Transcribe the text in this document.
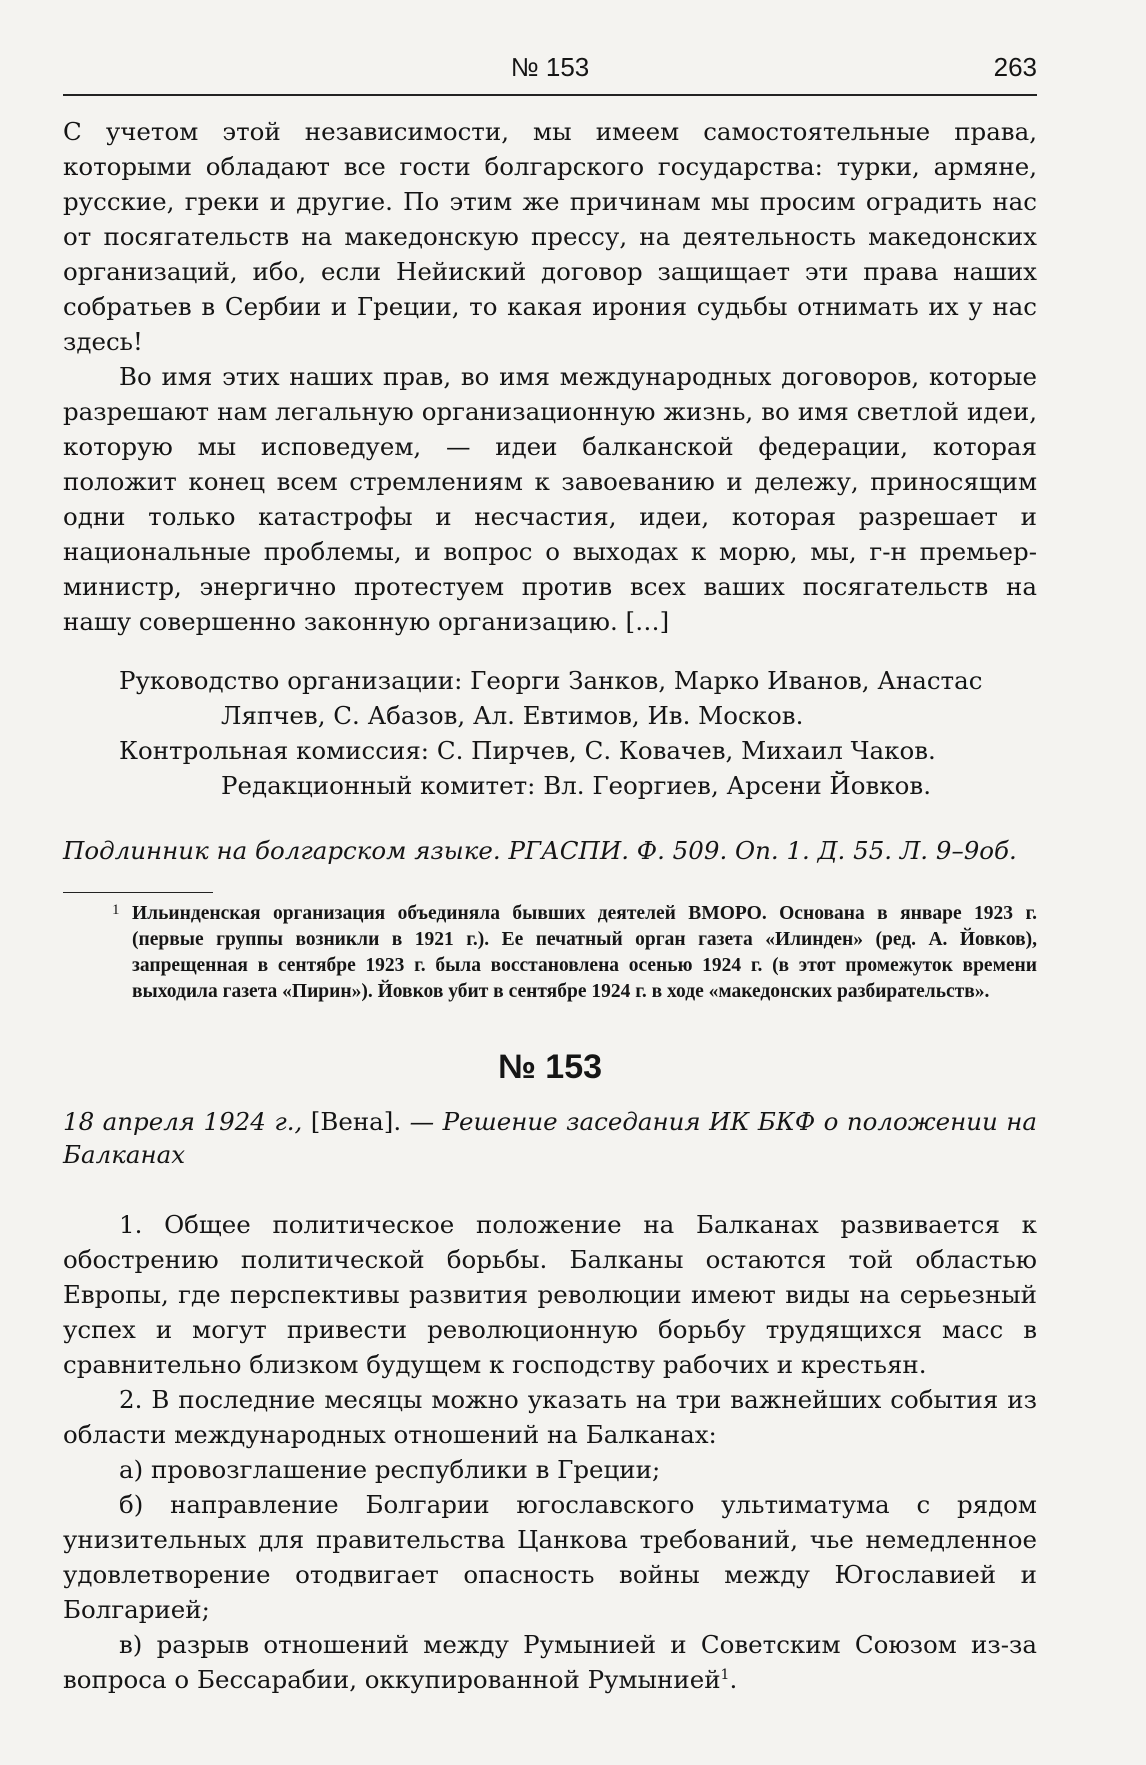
№ 153	263

С учетом этой независимости, мы имеем самостоятельные права, которыми обладают все гости болгарского государства: турки, армяне, русские, греки и другие. По этим же причинам мы просим оградить нас от посягательств на македонскую прессу, на деятельность македонских организаций, ибо, если Нейиский договор защищает эти права наших собратьев в Сербии и Греции, то какая ирония судьбы отнимать их у нас здесь!

Во имя этих наших прав, во имя международных договоров, которые разрешают нам легальную организационную жизнь, во имя светлой идеи, которую мы исповедуем, — идеи балканской федерации, которая положит конец всем стремлениям к завоеванию и дележу, приносящим одни только катастрофы и несчастия, идеи, которая разрешает и национальные проблемы, и вопрос о выходах к морю, мы, г-н премьер-министр, энергично протестуем против всех ваших посягательств на нашу совершенно законную организацию. […]

Руководство организации: Георги Занков, Марко Иванов, Анастас
Ляпчев, С. Абазов, Ал. Евтимов, Ив. Москов.
Контрольная комиссия: С. Пирчев, С. Ковачев, Михаил Чаков.
Редакционный комитет: Вл. Георгиев, Арсени Йовков.
Подлинник на болгарском языке. РГАСПИ. Ф. 509. Оп. 1. Д. 55. Л. 9–9об.
1 Ильинденская организация объединяла бывших деятелей ВМОРО. Основана в январе 1923 г. (первые группы возникли в 1921 г.). Ее печатный орган газета «Илинден» (ред. А. Йовков), запрещенная в сентябре 1923 г. была восстановлена осенью 1924 г. (в этот промежуток времени выходила газета «Пирин»). Йовков убит в сентябре 1924 г. в ходе «македонских разбирательств».
№ 153
18 апреля 1924 г., [Вена]. — Решение заседания ИК БКФ о положении на Балканах

1. Общее политическое положение на Балканах развивается к обострению политической борьбы. Балканы остаются той областью Европы, где перспективы развития революции имеют виды на серьезный успех и могут привести революционную борьбу трудящихся масс в сравнительно близком будущем к господству рабочих и крестьян.

2. В последние месяцы можно указать на три важнейших события из области международных отношений на Балканах:

а) провозглашение республики в Греции;

б) направление Болгарии югославского ультиматума с рядом унизительных для правительства Цанкова требований, чье немедленное удовлетворение отодвигает опасность войны между Югославией и Болгарией;

в) разрыв отношений между Румынией и Советским Союзом из-за вопроса о Бессарабии, оккупированной Румынией$^1$.
